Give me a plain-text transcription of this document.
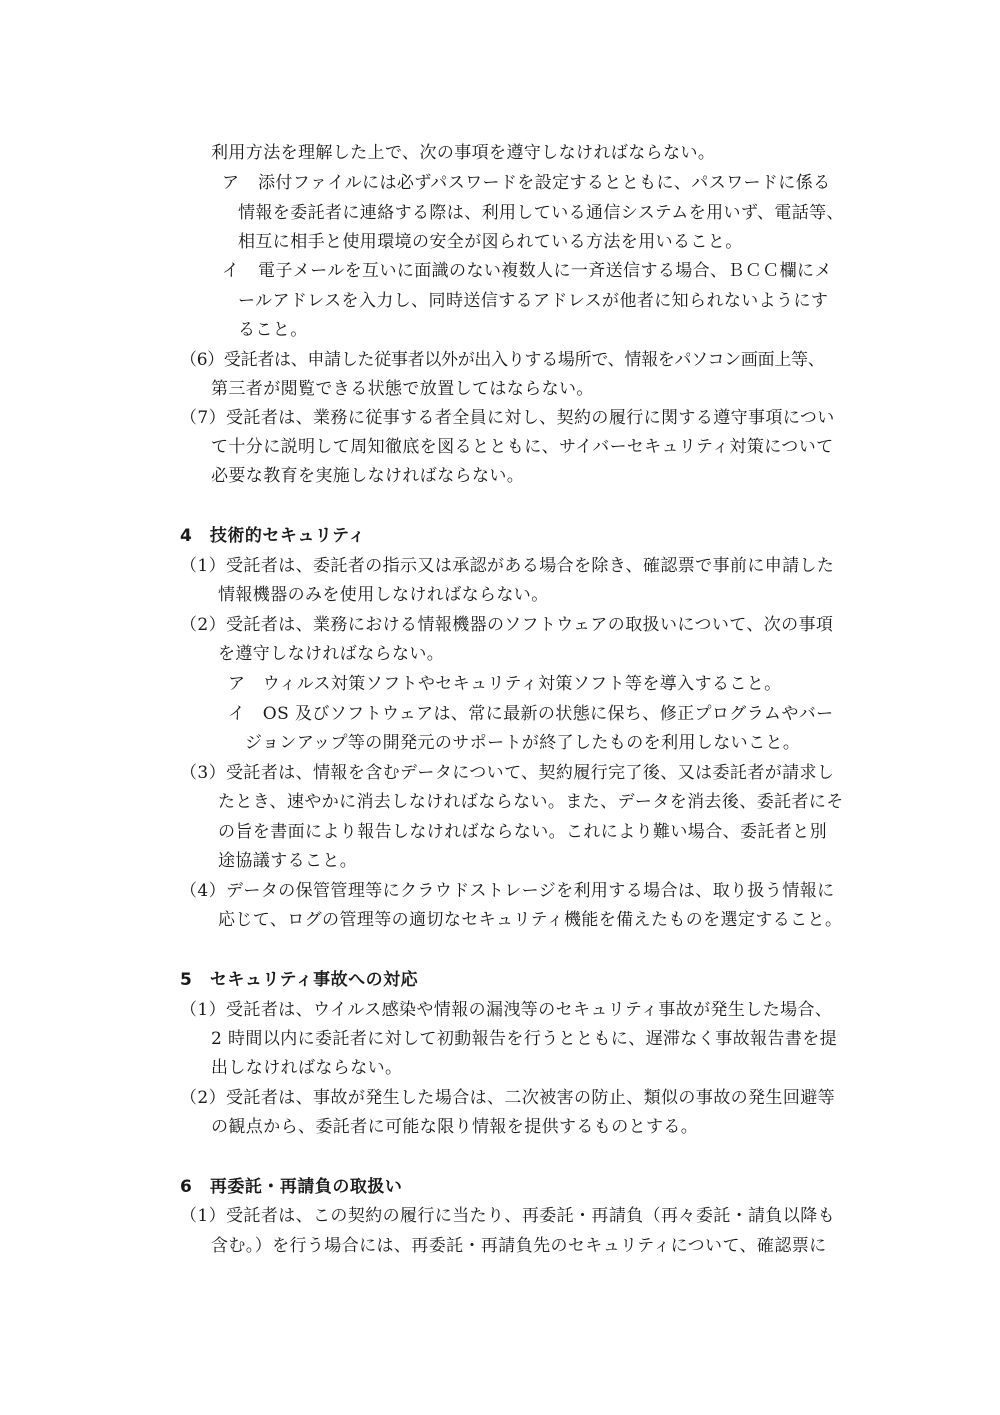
利用方法を理解した上で、次の事項を遵守しなければならない。
ア 添付ファイルには必ずパスワードを設定するとともに、パスワードに係る
情報を委託者に連絡する際は、利用している通信システムを用いず、電話等、
相互に相手と使用環境の安全が図られている方法を用いること。
イ 電子メールを互いに面識のない複数人に一斉送信する場合、ＢＣＣ欄にメ
ールアドレスを入力し、同時送信するアドレスが他者に知られないようにす
ること。
（6）受託者は、申請した従事者以外が出入りする場所で、情報をパソコン画面上等、
第三者が閲覧できる状態で放置してはならない。
（7）受託者は、業務に従事する者全員に対し、契約の履行に関する遵守事項につい
て十分に説明して周知徹底を図るとともに、サイバーセキュリティ対策について
必要な教育を実施しなければならない。
4　技術的セキュリティ
（1）受託者は、委託者の指示又は承認がある場合を除き、確認票で事前に申請した
情報機器のみを使用しなければならない。
（2）受託者は、業務における情報機器のソフトウェアの取扱いについて、次の事項
を遵守しなければならない。
ア　ウィルス対策ソフトやセキュリティ対策ソフト等を導入すること。
イ　OS 及びソフトウェアは、常に最新の状態に保ち、修正プログラムやバー
ジョンアップ等の開発元のサポートが終了したものを利用しないこと。
（3）受託者は、情報を含むデータについて、契約履行完了後、又は委託者が請求し
たとき、速やかに消去しなければならない。また、データを消去後、委託者にそ
の旨を書面により報告しなければならない。これにより難い場合、委託者と別
途協議すること。
（4）データの保管管理等にクラウドストレージを利用する場合は、取り扱う情報に
応じて、ログの管理等の適切なセキュリティ機能を備えたものを選定すること。
5　セキュリティ事故への対応
（1）受託者は、ウイルス感染や情報の漏洩等のセキュリティ事故が発生した場合、
2 時間以内に委託者に対して初動報告を行うとともに、遅滞なく事故報告書を提
出しなければならない。
（2）受託者は、事故が発生した場合は、二次被害の防止、類似の事故の発生回避等
の観点から、委託者に可能な限り情報を提供するものとする。
6　再委託・再請負の取扱い
（1）受託者は、この契約の履行に当たり、再委託・再請負（再々委託・請負以降も
含む。）を行う場合には、再委託・再請負先のセキュリティについて、確認票に
